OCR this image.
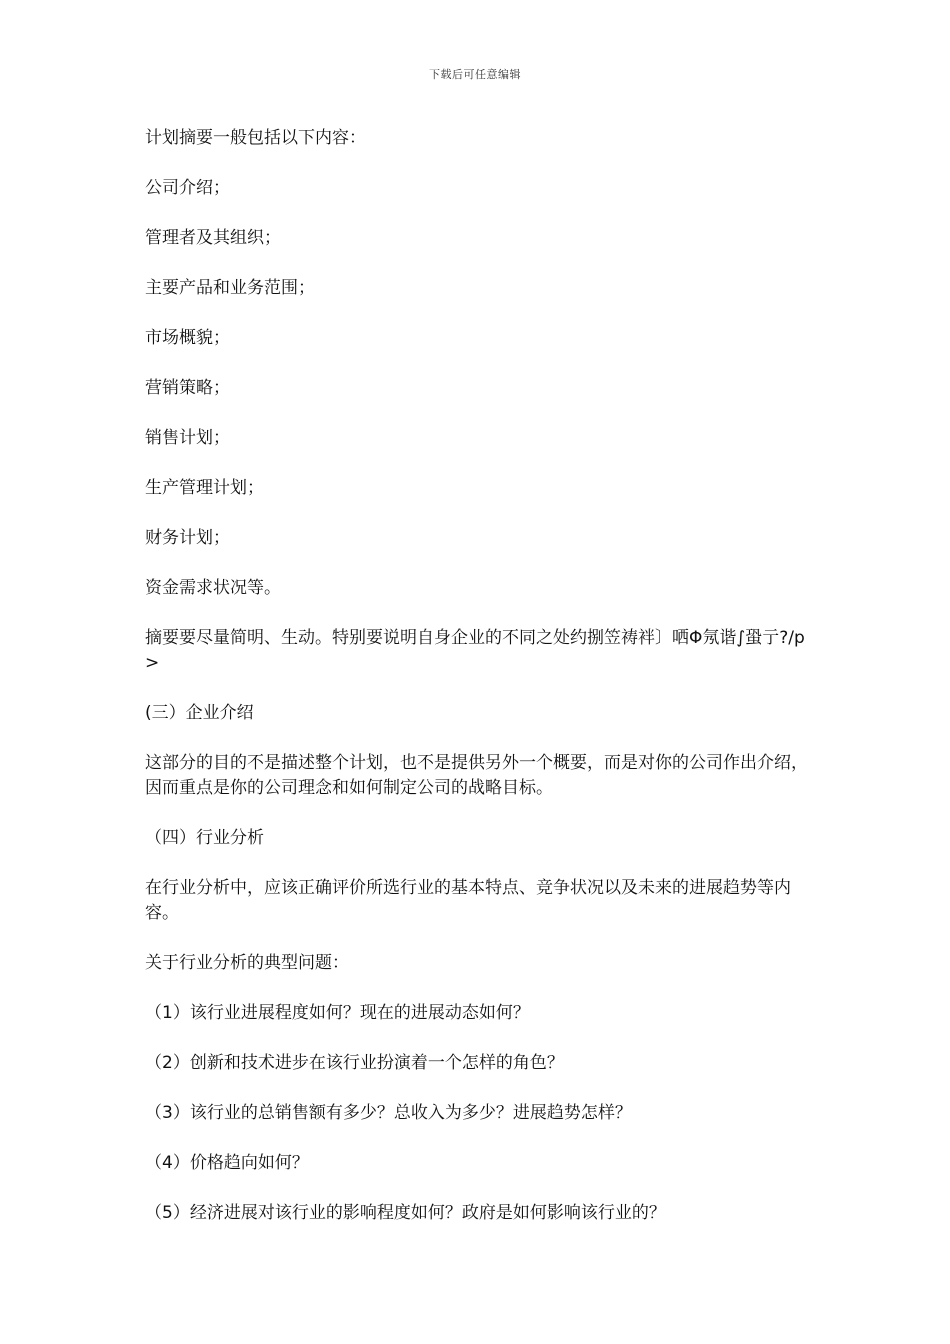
下载后可任意编辑

计划摘要一般包括以下内容：

公司介绍；

管理者及其组织；

主要产品和业务范围；

市场概貌；

营销策略；

销售计划；

生产管理计划；

财务计划；

资金需求状况等。

摘要要尽量简明、生动。特别要说明自身企业的不同之处约捌笠祷袢〕哂Φ氖谐∫蛩亍?/p>

(三）企业介绍

这部分的目的不是描述整个计划，也不是提供另外一个概要，而是对你的公司作出介绍，因而重点是你的公司理念和如何制定公司的战略目标。

（四）行业分析

在行业分析中，应该正确评价所选行业的基本特点、竞争状况以及未来的进展趋势等内容。

关于行业分析的典型问题：

（1）该行业进展程度如何？现在的进展动态如何？

（2）创新和技术进步在该行业扮演着一个怎样的角色？

（3）该行业的总销售额有多少？总收入为多少？进展趋势怎样？

（4）价格趋向如何？

（5）经济进展对该行业的影响程度如何？政府是如何影响该行业的？
